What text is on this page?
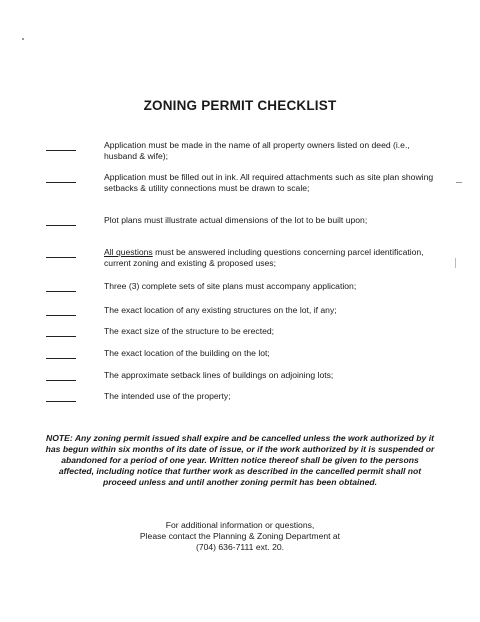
ZONING PERMIT CHECKLIST
Application must be made in the name of all property owners listed on deed (i.e., husband & wife);
Application must be filled out in ink. All required attachments such as site plan showing setbacks & utility connections must be drawn to scale;
Plot plans must illustrate actual dimensions of the lot to be built upon;
All questions must be answered including questions concerning parcel identification, current zoning and existing & proposed uses;
Three (3) complete sets of site plans must accompany application;
The exact location of any existing structures on the lot, if any;
The exact size of the structure to be erected;
The exact location of the building on the lot;
The approximate setback lines of buildings on adjoining lots;
The intended use of the property;
NOTE: Any zoning permit issued shall expire and be cancelled unless the work authorized by it has begun within six months of its date of issue, or if the work authorized by it is suspended or abandoned for a period of one year. Written notice thereof shall be given to the persons affected, including notice that further work as described in the cancelled permit shall not proceed unless and until another zoning permit has been obtained.
For additional information or questions,
Please contact the Planning & Zoning Department at
(704) 636-7111 ext. 20.
